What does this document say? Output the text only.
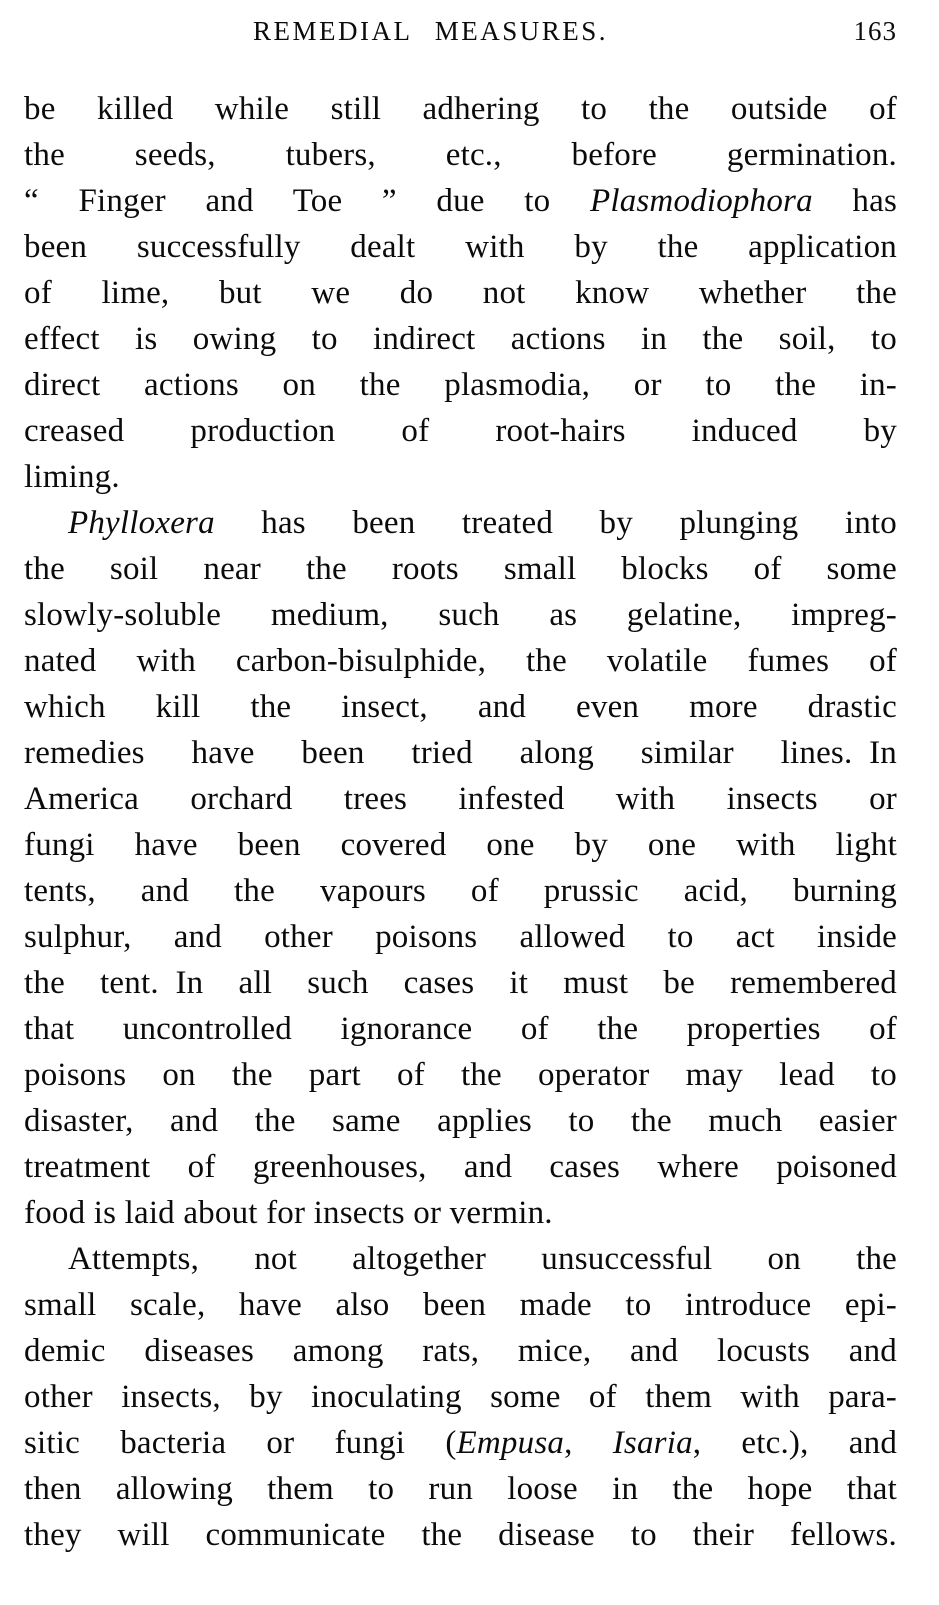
REMEDIAL MEASURES.	163
be killed while still adhering to the outside of
the seeds, tubers, etc., before germination.
“ Finger and Toe ” due to Plasmodiophora has
been successfully dealt with by the application
of lime, but we do not know whether the
effect is owing to indirect actions in the soil, to
direct actions on the plasmodia, or to the in-
creased production of root-hairs induced by
liming.
Phylloxera has been treated by plunging into
the soil near the roots small blocks of some
slowly-soluble medium, such as gelatine, impreg-
nated with carbon-bisulphide, the volatile fumes of
which kill the insect, and even more drastic
remedies have been tried along similar lines. In
America orchard trees infested with insects or
fungi have been covered one by one with light
tents, and the vapours of prussic acid, burning
sulphur, and other poisons allowed to act inside
the tent. In all such cases it must be remembered
that uncontrolled ignorance of the properties of
poisons on the part of the operator may lead to
disaster, and the same applies to the much easier
treatment of greenhouses, and cases where poisoned
food is laid about for insects or vermin.
Attempts, not altogether unsuccessful on the
small scale, have also been made to introduce epi-
demic diseases among rats, mice, and locusts and
other insects, by inoculating some of them with para-
sitic bacteria or fungi (Empusa, Isaria, etc.), and
then allowing them to run loose in the hope that
they will communicate the disease to their fellows.
